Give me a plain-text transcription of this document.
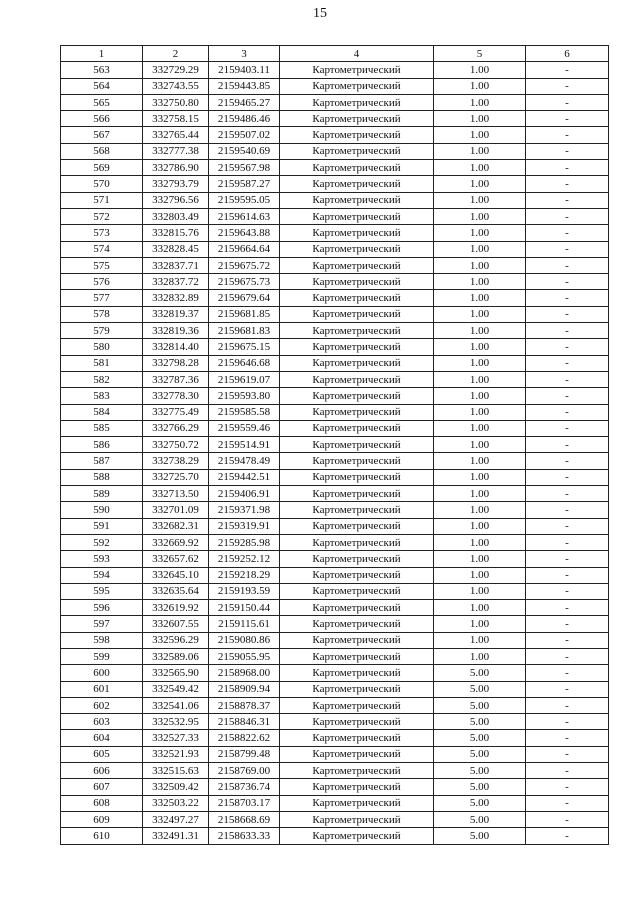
15
1	2	3	4	5	6
563	332729.29	2159403.11	Картометрический	1.00	-
564	332743.55	2159443.85	Картометрический	1.00	-
565	332750.80	2159465.27	Картометрический	1.00	-
566	332758.15	2159486.46	Картометрический	1.00	-
567	332765.44	2159507.02	Картометрический	1.00	-
568	332777.38	2159540.69	Картометрический	1.00	-
569	332786.90	2159567.98	Картометрический	1.00	-
570	332793.79	2159587.27	Картометрический	1.00	-
571	332796.56	2159595.05	Картометрический	1.00	-
572	332803.49	2159614.63	Картометрический	1.00	-
573	332815.76	2159643.88	Картометрический	1.00	-
574	332828.45	2159664.64	Картометрический	1.00	-
575	332837.71	2159675.72	Картометрический	1.00	-
576	332837.72	2159675.73	Картометрический	1.00	-
577	332832.89	2159679.64	Картометрический	1.00	-
578	332819.37	2159681.85	Картометрический	1.00	-
579	332819.36	2159681.83	Картометрический	1.00	-
580	332814.40	2159675.15	Картометрический	1.00	-
581	332798.28	2159646.68	Картометрический	1.00	-
582	332787.36	2159619.07	Картометрический	1.00	-
583	332778.30	2159593.80	Картометрический	1.00	-
584	332775.49	2159585.58	Картометрический	1.00	-
585	332766.29	2159559.46	Картометрический	1.00	-
586	332750.72	2159514.91	Картометрический	1.00	-
587	332738.29	2159478.49	Картометрический	1.00	-
588	332725.70	2159442.51	Картометрический	1.00	-
589	332713.50	2159406.91	Картометрический	1.00	-
590	332701.09	2159371.98	Картометрический	1.00	-
591	332682.31	2159319.91	Картометрический	1.00	-
592	332669.92	2159285.98	Картометрический	1.00	-
593	332657.62	2159252.12	Картометрический	1.00	-
594	332645.10	2159218.29	Картометрический	1.00	-
595	332635.64	2159193.59	Картометрический	1.00	-
596	332619.92	2159150.44	Картометрический	1.00	-
597	332607.55	2159115.61	Картометрический	1.00	-
598	332596.29	2159080.86	Картометрический	1.00	-
599	332589.06	2159055.95	Картометрический	1.00	-
600	332565.90	2158968.00	Картометрический	5.00	-
601	332549.42	2158909.94	Картометрический	5.00	-
602	332541.06	2158878.37	Картометрический	5.00	-
603	332532.95	2158846.31	Картометрический	5.00	-
604	332527.33	2158822.62	Картометрический	5.00	-
605	332521.93	2158799.48	Картометрический	5.00	-
606	332515.63	2158769.00	Картометрический	5.00	-
607	332509.42	2158736.74	Картометрический	5.00	-
608	332503.22	2158703.17	Картометрический	5.00	-
609	332497.27	2158668.69	Картометрический	5.00	-
610	332491.31	2158633.33	Картометрический	5.00	-
